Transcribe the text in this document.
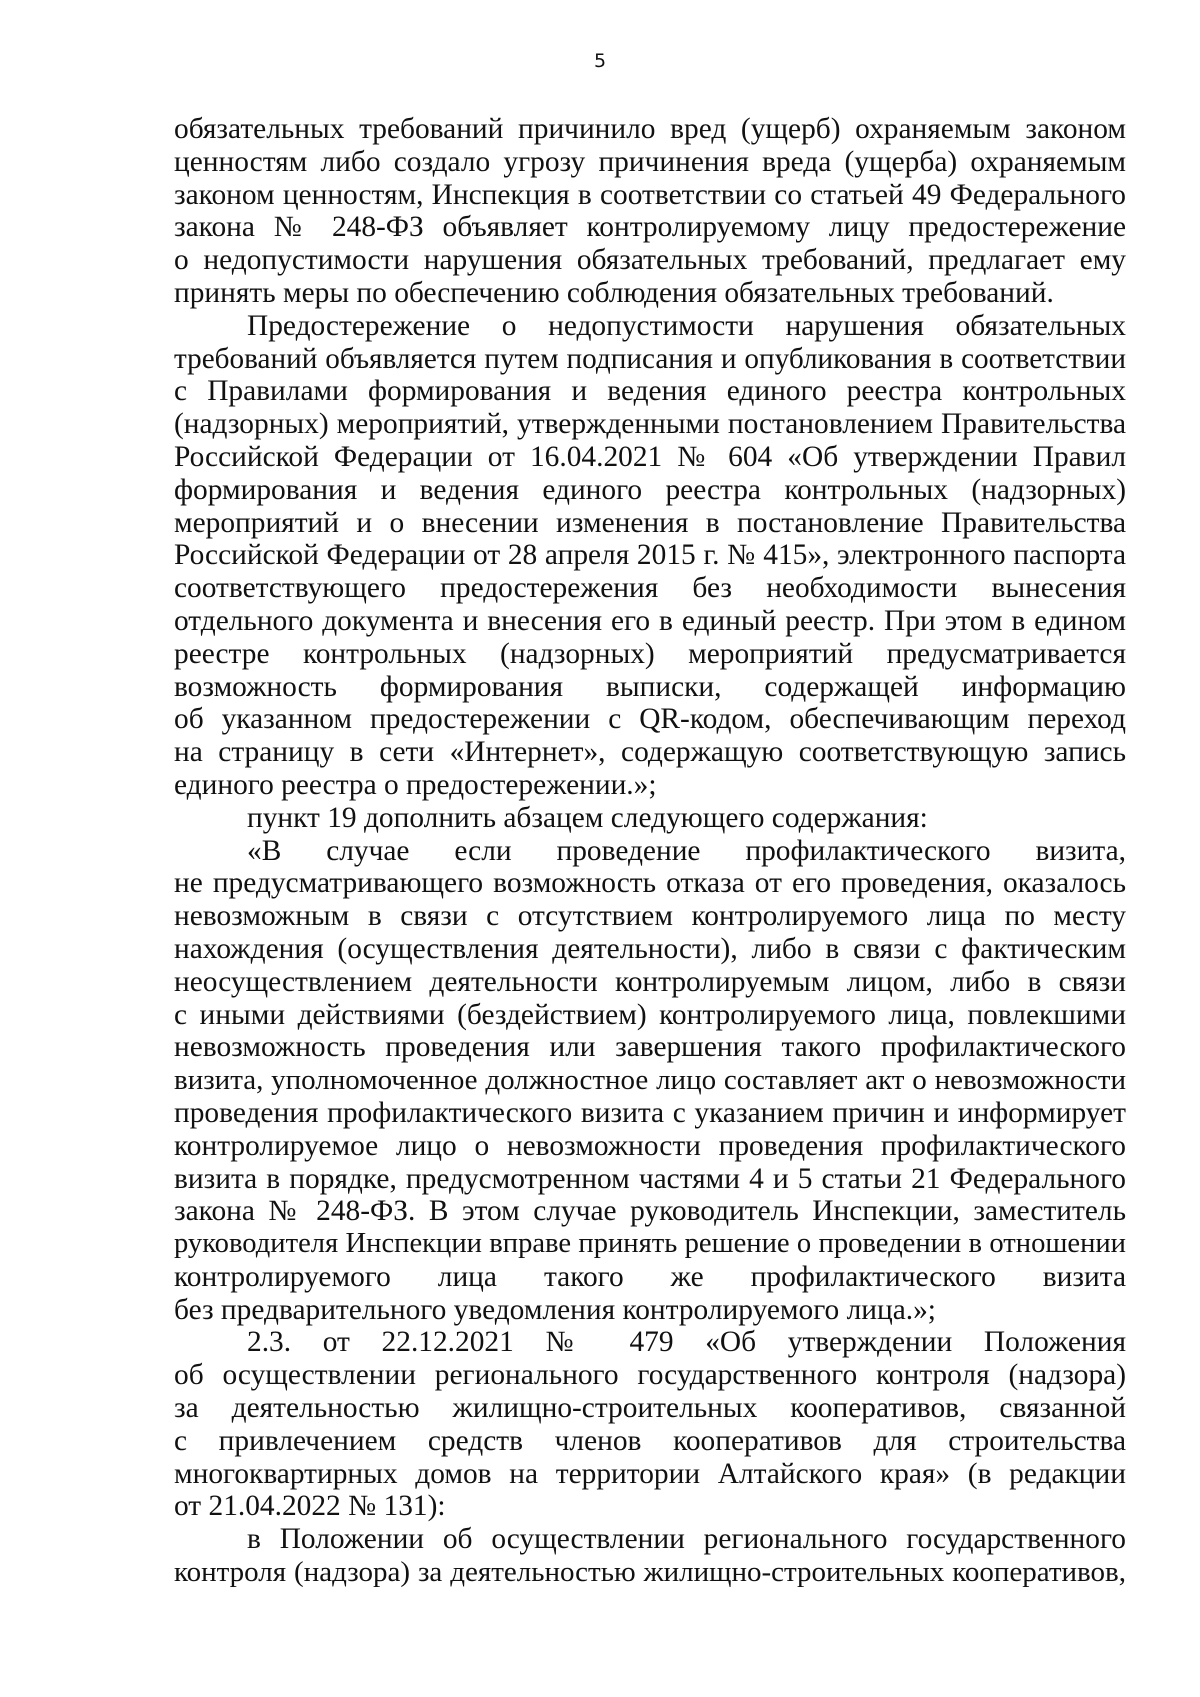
5
обязательных требований причинило вред (ущерб) охраняемым законом
ценностям либо создало угрозу причинения вреда (ущерба) охраняемым
законом ценностям, Инспекция в соответствии со статьей 49 Федерального
закона № 248-ФЗ объявляет контролируемому лицу предостережение
о недопустимости нарушения обязательных требований, предлагает ему
принять меры по обеспечению соблюдения обязательных требований.
Предостережение о недопустимости нарушения обязательных
требований объявляется путем подписания и опубликования в соответствии
с Правилами формирования и ведения единого реестра контрольных
(надзорных) мероприятий, утвержденными постановлением Правительства
Российской Федерации от 16.04.2021 № 604 «Об утверждении Правил
формирования и ведения единого реестра контрольных (надзорных)
мероприятий и о внесении изменения в постановление Правительства
Российской Федерации от 28 апреля 2015 г. № 415», электронного паспорта
соответствующего предостережения без необходимости вынесения
отдельного документа и внесения его в единый реестр. При этом в едином
реестре контрольных (надзорных) мероприятий предусматривается
возможность формирования выписки, содержащей информацию
об указанном предостережении с QR-кодом, обеспечивающим переход
на страницу в сети «Интернет», содержащую соответствующую запись
единого реестра о предостережении.»;
пункт 19 дополнить абзацем следующего содержания:
«В случае если проведение профилактического визита,
не предусматривающего возможность отказа от его проведения, оказалось
невозможным в связи с отсутствием контролируемого лица по месту
нахождения (осуществления деятельности), либо в связи с фактическим
неосуществлением деятельности контролируемым лицом, либо в связи
с иными действиями (бездействием) контролируемого лица, повлекшими
невозможность проведения или завершения такого профилактического
визита, уполномоченное должностное лицо составляет акт о невозможности
проведения профилактического визита с указанием причин и информирует
контролируемое лицо о невозможности проведения профилактического
визита в порядке, предусмотренном частями 4 и 5 статьи 21 Федерального
закона № 248-ФЗ. В этом случае руководитель Инспекции, заместитель
руководителя Инспекции вправе принять решение о проведении в отношении
контролируемого лица такого же профилактического визита
без предварительного уведомления контролируемого лица.»;
2.3. от 22.12.2021 № 479 «Об утверждении Положения
об осуществлении регионального государственного контроля (надзора)
за деятельностью жилищно-строительных кооперативов, связанной
с привлечением средств членов кооперативов для строительства
многоквартирных домов на территории Алтайского края» (в редакции
от 21.04.2022 № 131):
в Положении об осуществлении регионального государственного
контроля (надзора) за деятельностью жилищно-строительных кооперативов,
